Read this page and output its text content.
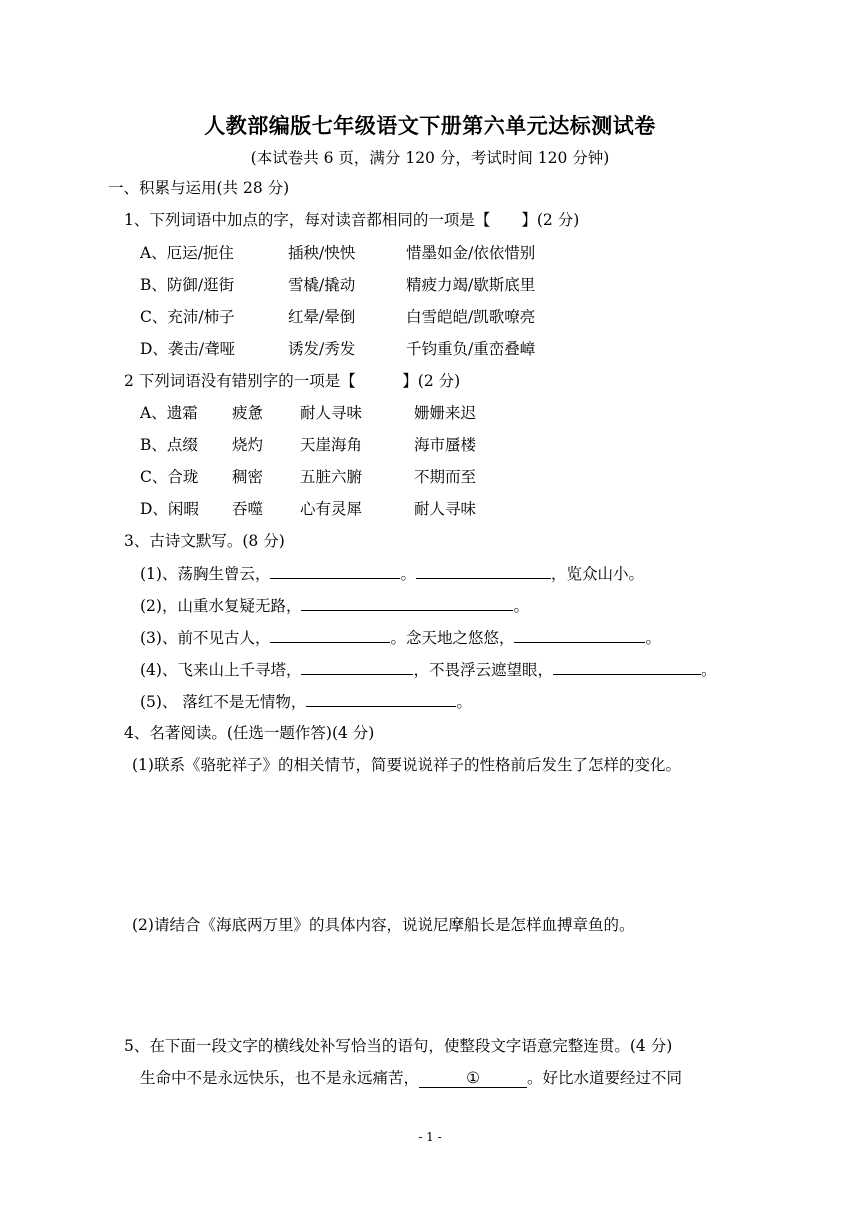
人教部编版七年级语文下册第六单元达标测试卷
(本试卷共 6 页，满分 120 分，考试时间 120 分钟)
一、积累与运用(共 28 分)
1、下列词语中加点的字，每对读音都相同的一项是【　　】(2 分)
A、厄运/扼住	插秧/怏怏	惜墨如金/依依惜别
B、防御/逛街	雪橇/撬动	精疲力竭/歇斯底里
C、充沛/柿子	红晕/晕倒	白雪皑皑/凯歌嘹亮
D、袭击/聋哑	诱发/秀发	千钧重负/重峦叠嶂
2 下列词语没有错别字的一项是【　　　】(2 分)
A、遗霜 疲惫 耐人寻味	姗姗来迟
B、点缀 烧灼 天崖海角	海市蜃楼
C、合珑 稠密 五脏六腑	不期而至
D、闲暇 吞噬 心有灵犀	耐人寻味
3、古诗文默写。(8 分)
(1)、荡胸生曾云，	。	，览众山小。
(2)，山重水复疑无路，	。
(3)、前不见古人，	。念天地之悠悠，	。
(4)、飞来山上千寻塔，	，不畏浮云遮望眼，	。
(5)、 落红不是无情物，	。
4、名著阅读。(任选一题作答)(4 分)
(1)联系《骆驼祥子》的相关情节，简要说说祥子的性格前后发生了怎样的变化。
(2)请结合《海底两万里》的具体内容，说说尼摩船长是怎样血搏章鱼的。
5、在下面一段文字的横线处补写恰当的语句，使整段文字语意完整连贯。(4 分)
生命中不是永远快乐，也不是永远痛苦，	①	。好比水道要经过不同
- 1 -
